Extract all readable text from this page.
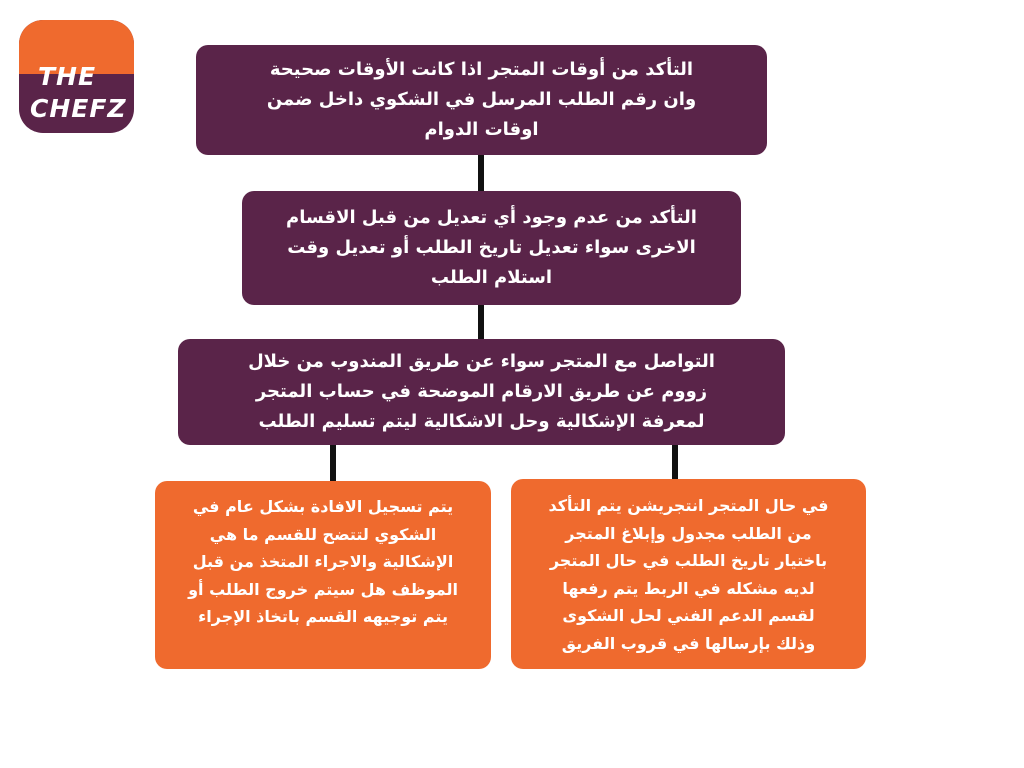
THE
CHEFZ
التأكد من أوقات المتجر اذا كانت الأوقات صحيحة
وان رقم الطلب المرسل في الشكوي داخل ضمن
اوقات الدوام
التأكد من عدم وجود أي تعديل من قبل الاقسام
الاخرى سواء تعديل تاريخ الطلب أو تعديل وقت
استلام الطلب
التواصل مع المتجر سواء عن طريق المندوب من خلال
زووم عن طريق الارقام الموضحة في حساب المتجر
لمعرفة الإشكالية وحل الاشكالية ليتم تسليم الطلب
يتم تسجيل الافادة بشكل عام في
الشكوي لتتضح للقسم ما هي
الإشكالية والاجراء المتخذ من قبل
الموظف هل سيتم خروج الطلب أو
يتم توجيهه القسم باتخاذ الإجراء
في حال المتجر انتجريشن يتم التأكد
من الطلب مجدول وإبلاغ المتجر
باختيار تاريخ الطلب في حال المتجر
لديه مشكله في الربط يتم رفعها
لقسم الدعم الفني لحل الشكوى
وذلك بإرسالها في قروب الفريق
